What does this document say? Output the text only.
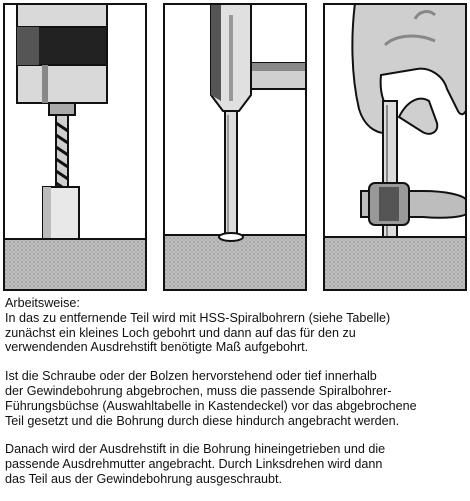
Arbeitsweise:

In das zu entfernende Teil wird mit HSS-Spiralbohrern (siehe Tabelle)
zunächst ein kleines Loch gebohrt und dann auf das für den zu
verwendenden Ausdrehstift benötigte Maß aufgebohrt.

Ist die Schraube oder der Bolzen hervorstehend oder tief innerhalb
der Gewindebohrung abgebrochen, muss die passende Spiralbohrer-
Führungsbüchse (Auswahltabelle in Kastendeckel) vor das abgebrochene
Teil gesetzt und die Bohrung durch diese hindurch angebracht werden.

Danach wird der Ausdrehstift in die Bohrung hineingetrieben und die
passende Ausdrehmutter angebracht. Durch Linksdrehen wird dann
das Teil aus der Gewindebohrung ausgeschraubt.
